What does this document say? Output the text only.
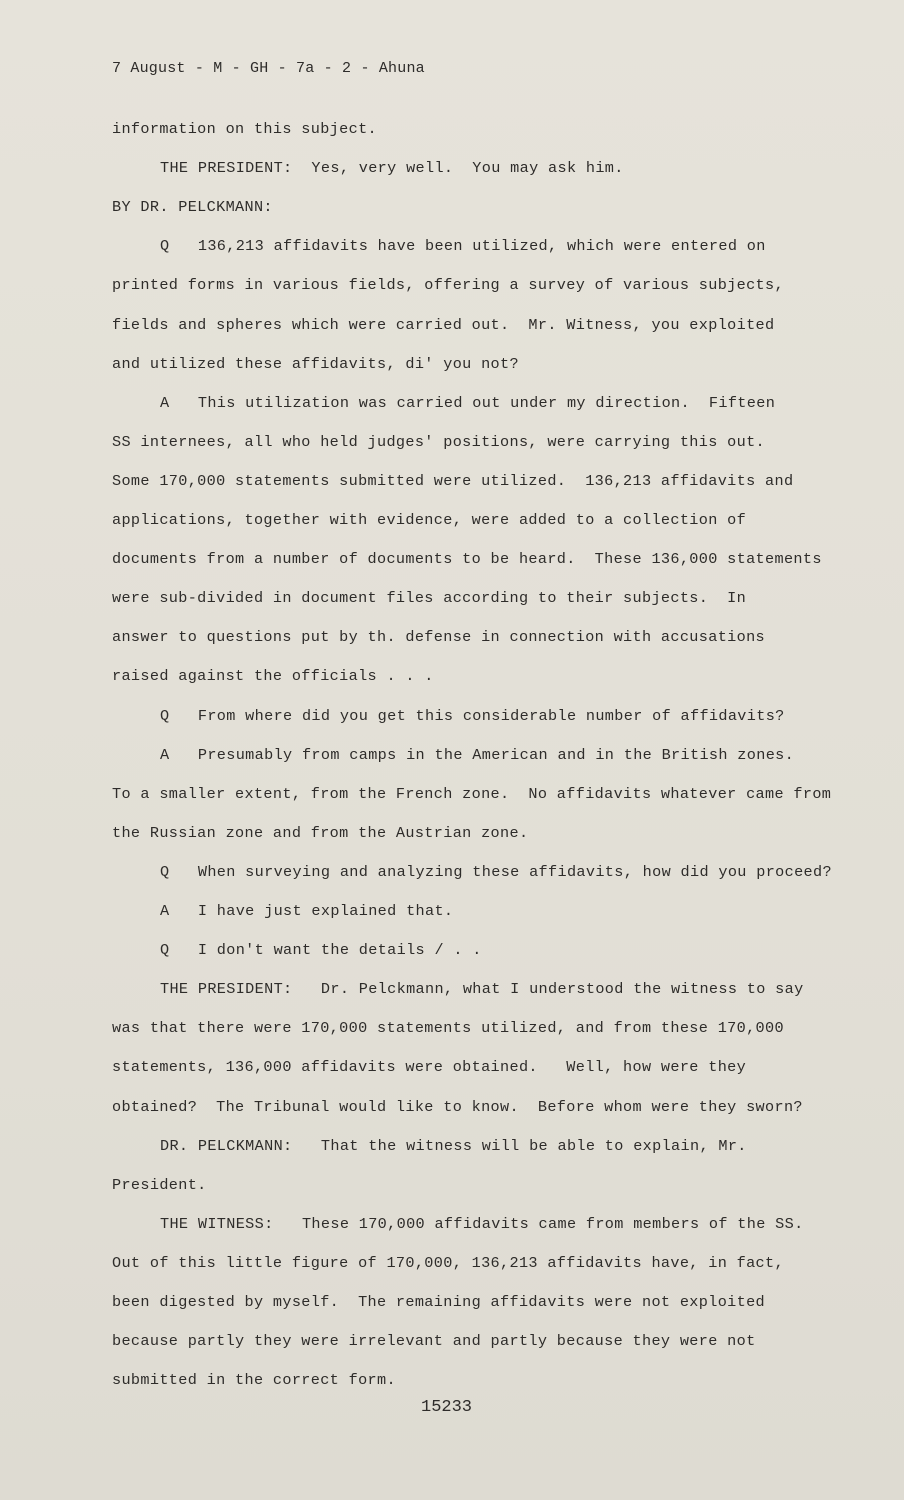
7 August - M - GH - 7a - 2 - Ahuna
information on this subject.
THE PRESIDENT:  Yes, very well.  You may ask him.
BY DR. PELCKMANN:
Q   136,213 affidavits have been utilized, which were entered on
printed forms in various fields, offering a survey of various subjects,
fields and spheres which were carried out.  Mr. Witness, you exploited
and utilized these affidavits, di' you not?
A   This utilization was carried out under my direction.  Fifteen
SS internees, all who held judges' positions, were carrying this out.
Some 170,000 statements submitted were utilized.  136,213 affidavits and
applications, together with evidence, were added to a collection of
documents from a number of documents to be heard.  These 136,000 statements
were sub-divided in document files according to their subjects.  In
answer to questions put by th. defense in connection with accusations
raised against the officials . . .
Q   From where did you get this considerable number of affidavits?
A   Presumably from camps in the American and in the British zones.
To a smaller extent, from the French zone.  No affidavits whatever came from
the Russian zone and from the Austrian zone.
Q   When surveying and analyzing these affidavits, how did you proceed?
A   I have just explained that.
Q   I don't want the details / . .
THE PRESIDENT:   Dr. Pelckmann, what I understood the witness to say
was that there were 170,000 statements utilized, and from these 170,000
statements, 136,000 affidavits were obtained.   Well, how were they
obtained?  The Tribunal would like to know.  Before whom were they sworn?
DR. PELCKMANN:   That the witness will be able to explain, Mr.
President.
THE WITNESS:   These 170,000 affidavits came from members of the SS.
Out of this little figure of 170,000, 136,213 affidavits have, in fact,
been digested by myself.  The remaining affidavits were not exploited
because partly they were irrelevant and partly because they were not
submitted in the correct form.
15233
